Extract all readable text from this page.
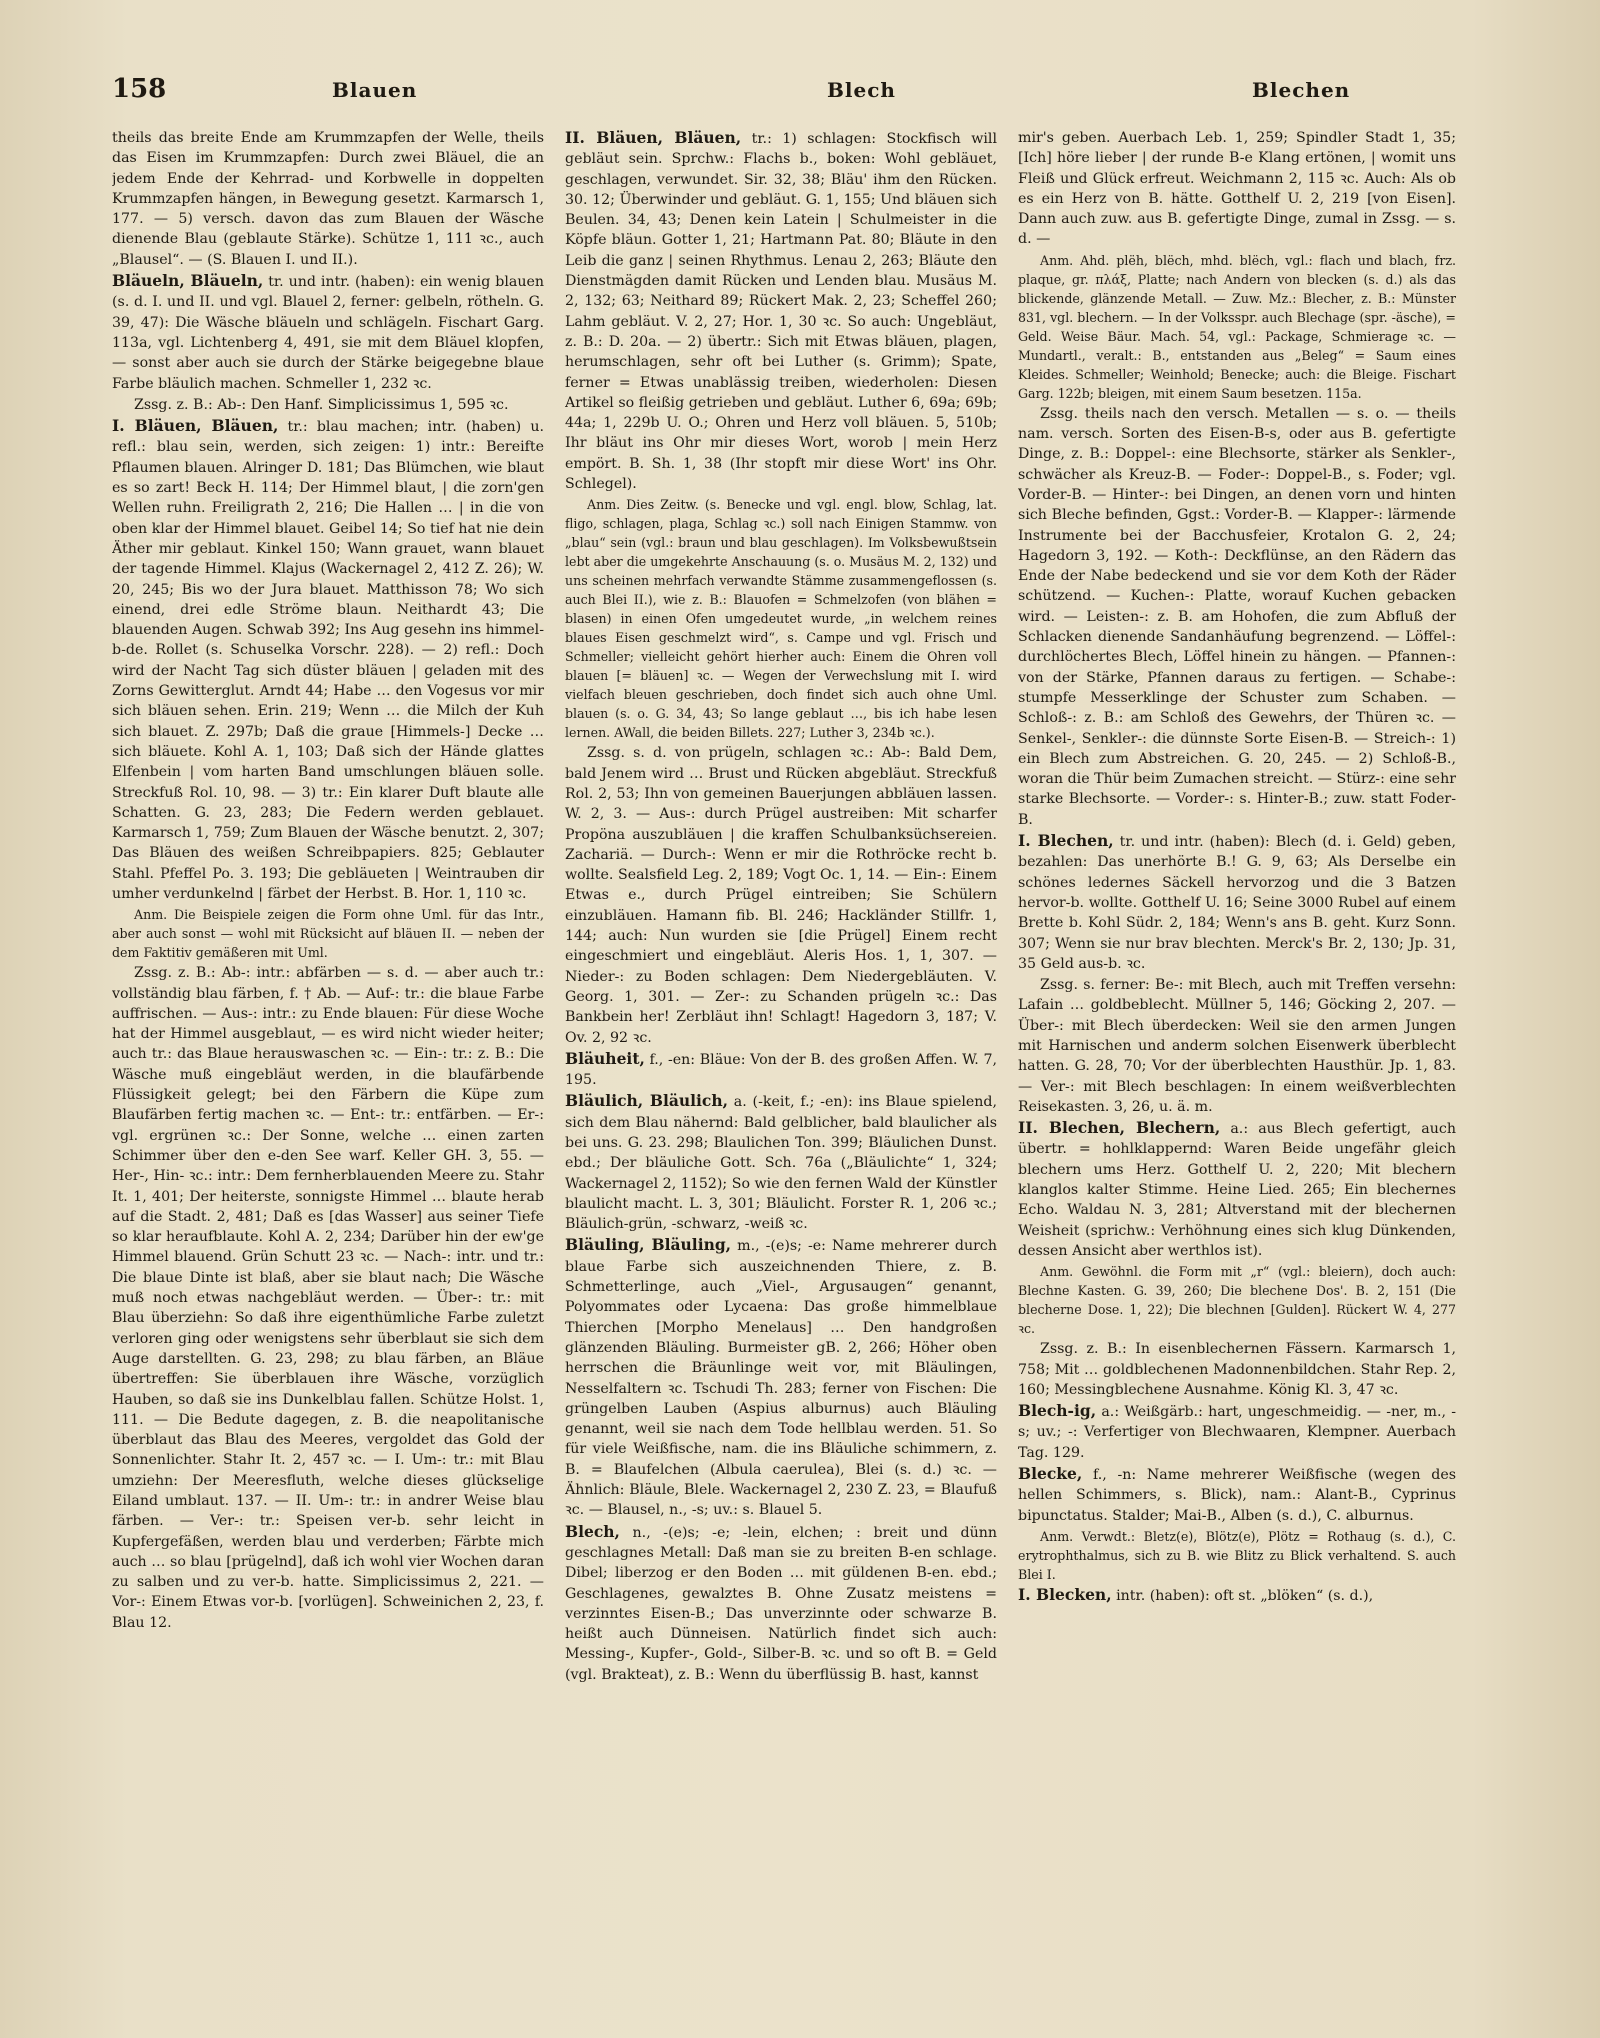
158	Blauen	Blech	Blechen

theils das breite Ende am Krummzapfen der Welle, theils das Eisen im Krummzapfen: Durch zwei Bläuel, die an jedem Ende der Kehrrad- und Korbwelle in doppelten Krummzapfen hängen, in Bewegung gesetzt. Karmarsch 1, 177. — 5) versch. davon das zum Blauen der Wäsche dienende Blau (geblaute Stärke). Schütze 1, 111 ꝛc., auch „Blausel“. — (S. Blauen I. und II.).

Bläueln, Bläueln, tr. und intr. (haben): ein wenig blauen (s. d. I. und II. und vgl. Blauel 2, ferner: gelbeln, rötheln. G. 39, 47): Die Wäsche bläueln und schlägeln. Fischart Garg. 113a, vgl. Lichtenberg 4, 491, sie mit dem Bläuel klopfen, — sonst aber auch sie durch der Stärke beigegebne blaue Farbe bläulich machen. Schmeller 1, 232 ꝛc.

Zssg. z. B.: Ab-: Den Hanf. Simplicissimus 1, 595 ꝛc.

I. Bläuen, Bläuen, tr.: blau machen; intr. (haben) u. refl.: blau sein, werden, sich zeigen: 1) intr.: Bereifte Pflaumen blauen. Alringer D. 181; Das Blümchen, wie blaut es so zart! Beck H. 114; Der Himmel blaut, | die zorn'gen Wellen ruhn. Freiligrath 2, 216; Die Hallen … | in die von oben klar der Himmel blauet. Geibel 14; So tief hat nie dein Äther mir geblaut. Kinkel 150; Wann grauet, wann blauet der tagende Himmel. Klajus (Wackernagel 2, 412 Z. 26); W. 20, 245; Bis wo der Jura blauet. Matthisson 78; Wo sich einend, drei edle Ströme blaun. Neithardt 43; Die blauenden Augen. Schwab 392; Ins Aug gesehn ins himmel-b-de. Rollet (s. Schuselka Vorschr. 228). — 2) refl.: Doch wird der Nacht Tag sich düster bläuen | geladen mit des Zorns Gewitterglut. Arndt 44; Habe … den Vogesus vor mir sich bläuen sehen. Erin. 219; Wenn … die Milch der Kuh sich blauet. Z. 297b; Daß die graue [Himmels-] Decke … sich bläuete. Kohl A. 1, 103; Daß sich der Hände glattes Elfenbein | vom harten Band umschlungen bläuen solle. Streckfuß Rol. 10, 98. — 3) tr.: Ein klarer Duft blaute alle Schatten. G. 23, 283; Die Federn werden geblauet. Karmarsch 1, 759; Zum Blauen der Wäsche benutzt. 2, 307; Das Bläuen des weißen Schreibpapiers. 825; Geblauter Stahl. Pfeffel Po. 3. 193; Die gebläueten | Weintrauben dir umher verdunkelnd | färbet der Herbst. B. Hor. 1, 110 ꝛc.

Anm. Die Beispiele zeigen die Form ohne Uml. für das Intr., aber auch sonst — wohl mit Rücksicht auf bläuen II. — neben der dem Faktitiv gemäßeren mit Uml.

Zssg. z. B.: Ab-: intr.: abfärben — s. d. — aber auch tr.: vollständig blau färben, f. † Ab. — Auf-: tr.: die blaue Farbe auffrischen. — Aus-: intr.: zu Ende blauen: Für diese Woche hat der Himmel ausgeblaut, — es wird nicht wieder heiter; auch tr.: das Blaue herauswaschen ꝛc. — Ein-: tr.: z. B.: Die Wäsche muß eingebläut werden, in die blaufärbende Flüssigkeit gelegt; bei den Färbern die Küpe zum Blaufärben fertig machen ꝛc. — Ent-: tr.: entfärben. — Er-: vgl. ergrünen ꝛc.: Der Sonne, welche … einen zarten Schimmer über den e-den See warf. Keller GH. 3, 55. — Her-, Hin- ꝛc.: intr.: Dem fernherblauenden Meere zu. Stahr It. 1, 401; Der heiterste, sonnigste Himmel … blaute herab auf die Stadt. 2, 481; Daß es [das Wasser] aus seiner Tiefe so klar heraufblaute. Kohl A. 2, 234; Darüber hin der ew'ge Himmel blauend. Grün Schutt 23 ꝛc. — Nach-: intr. und tr.: Die blaue Dinte ist blaß, aber sie blaut nach; Die Wäsche muß noch etwas nachgebläut werden. — Über-: tr.: mit Blau überziehn: So daß ihre eigenthümliche Farbe zuletzt verloren ging oder wenigstens sehr überblaut sie sich dem Auge darstellten. G. 23, 298; zu blau färben, an Bläue übertreffen: Sie überblauen ihre Wäsche, vorzüglich Hauben, so daß sie ins Dunkelblau fallen. Schütze Holst. 1, 111. — Die Bedute dagegen, z. B. die neapolitanische überblaut das Blau des Meeres, vergoldet das Gold der Sonnenlichter. Stahr It. 2, 457 ꝛc. — I. Um-: tr.: mit Blau umziehn: Der Meeresfluth, welche dieses glückselige Eiland umblaut. 137. — II. Um-: tr.: in andrer Weise blau färben. — Ver-: tr.: Speisen ver-b. sehr leicht in Kupfergefäßen, werden blau und verderben; Färbte mich auch … so blau [prügelnd], daß ich wohl vier Wochen daran zu salben und zu ver-b. hatte. Simplicissimus 2, 221. — Vor-: Einem Etwas vor-b. [vorlügen]. Schweinichen 2, 23, f. Blau 12.

II. Bläuen, Bläuen, tr.: 1) schlagen: Stockfisch will gebläut sein. Sprchw.: Flachs b., boken: Wohl gebläuet, geschlagen, verwundet. Sir. 32, 38; Bläu' ihm den Rücken. 30. 12; Überwinder und gebläut. G. 1, 155; Und bläuen sich Beulen. 34, 43; Denen kein Latein | Schulmeister in die Köpfe bläun. Gotter 1, 21; Hartmann Pat. 80; Bläute in den Leib die ganz | seinen Rhythmus. Lenau 2, 263; Bläute den Dienstmägden damit Rücken und Lenden blau. Musäus M. 2, 132; 63; Neithard 89; Rückert Mak. 2, 23; Scheffel 260; Lahm gebläut. V. 2, 27; Hor. 1, 30 ꝛc. So auch: Ungebläut, z. B.: D. 20a. — 2) übertr.: Sich mit Etwas bläuen, plagen, herumschlagen, sehr oft bei Luther (s. Grimm); Spate, ferner = Etwas unablässig treiben, wiederholen: Diesen Artikel so fleißig getrieben und gebläut. Luther 6, 69a; 69b; 44a; 1, 229b U. O.; Ohren und Herz voll bläuen. 5, 510b; Ihr bläut ins Ohr mir dieses Wort, worob | mein Herz empört. B. Sh. 1, 38 (Ihr stopft mir diese Wort' ins Ohr. Schlegel).

Anm. Dies Zeitw. (s. Benecke und vgl. engl. blow, Schlag, lat. fligo, schlagen, plaga, Schlag ꝛc.) soll nach Einigen Stammw. von „blau“ sein (vgl.: braun und blau geschlagen). Im Volksbewußtsein lebt aber die umgekehrte Anschauung (s. o. Musäus M. 2, 132) und uns scheinen mehrfach verwandte Stämme zusammengeflossen (s. auch Blei II.), wie z. B.: Blauofen = Schmelzofen (von blähen = blasen) in einen Ofen umgedeutet wurde, „in welchem reines blaues Eisen geschmelzt wird“, s. Campe und vgl. Frisch und Schmeller; vielleicht gehört hierher auch: Einem die Ohren voll blauen [= bläuen] ꝛc. — Wegen der Verwechslung mit I. wird vielfach bleuen geschrieben, doch findet sich auch ohne Uml. blauen (s. o. G. 34, 43; So lange geblaut …, bis ich habe lesen lernen. AWall, die beiden Billets. 227; Luther 3, 234b ꝛc.).

Zssg. s. d. von prügeln, schlagen ꝛc.: Ab-: Bald Dem, bald Jenem wird … Brust und Rücken abgebläut. Streckfuß Rol. 2, 53; Ihn von gemeinen Bauerjungen abbläuen lassen. W. 2, 3. — Aus-: durch Prügel austreiben: Mit scharfer Propöna auszubläuen | die kraffen Schulbanksüchsereien. Zachariä. — Durch-: Wenn er mir die Rothröcke recht b. wollte. Sealsfield Leg. 2, 189; Vogt Oc. 1, 14. — Ein-: Einem Etwas e., durch Prügel eintreiben; Sie Schülern einzubläuen. Hamann fib. Bl. 246; Hackländer Stillfr. 1, 144; auch: Nun wurden sie [die Prügel] Einem recht eingeschmiert und eingebläut. Aleris Hos. 1, 1, 307. — Nieder-: zu Boden schlagen: Dem Niedergebläuten. V. Georg. 1, 301. — Zer-: zu Schanden prügeln ꝛc.: Das Bankbein her! Zerbläut ihn! Schlagt! Hagedorn 3, 187; V. Ov. 2, 92 ꝛc.

Bläuheit, f., -en: Bläue: Von der B. des großen Affen. W. 7, 195.

Bläulich, Bläulich, a. (-keit, f.; -en): ins Blaue spielend, sich dem Blau nähernd: Bald gelblicher, bald blaulicher als bei uns. G. 23. 298; Blaulichen Ton. 399; Bläulichen Dunst. ebd.; Der bläuliche Gott. Sch. 76a („Bläulichte“ 1, 324; Wackernagel 2, 1152); So wie den fernen Wald der Künstler blaulicht macht. L. 3, 301; Bläulicht. Forster R. 1, 206 ꝛc.; Bläulich-grün, -schwarz, -weiß ꝛc.

Bläuling, Bläuling, m., -(e)s; -e: Name mehrerer durch blaue Farbe sich auszeichnenden Thiere, z. B. Schmetterlinge, auch „Viel-, Argusaugen“ genannt, Polyommates oder Lycaena: Das große himmelblaue Thierchen [Morpho Menelaus] … Den handgroßen glänzenden Bläuling. Burmeister gB. 2, 266; Höher oben herrschen die Bräunlinge weit vor, mit Bläulingen, Nesselfaltern ꝛc. Tschudi Th. 283; ferner von Fischen: Die grüngelben Lauben (Aspius alburnus) auch Bläuling genannt, weil sie nach dem Tode hellblau werden. 51. So für viele Weißfische, nam. die ins Bläuliche schimmern, z. B. = Blaufelchen (Albula caerulea), Blei (s. d.) ꝛc. — Ähnlich: Bläule, Blele. Wackernagel 2, 230 Z. 23, = Blaufuß ꝛc. — Blausel, n., -s; uv.: s. Blauel 5.

Blech, n., -(e)s; -e; -lein, elchen; : breit und dünn geschlagnes Metall: Daß man sie zu breiten B-en schlage. Dibel; liberzog er den Boden … mit güldenen B-en. ebd.; Geschlagenes, gewalztes B. Ohne Zusatz meistens = verzinntes Eisen-B.; Das unverzinnte oder schwarze B. heißt auch Dünneisen. Natürlich findet sich auch: Messing-, Kupfer-, Gold-, Silber-B. ꝛc. und so oft B. = Geld (vgl. Brakteat), z. B.: Wenn du überflüssig B. hast, kannst

mir's geben. Auerbach Leb. 1, 259; Spindler Stadt 1, 35; [Ich] höre lieber | der runde B-e Klang ertönen, | womit uns Fleiß und Glück erfreut. Weichmann 2, 115 ꝛc. Auch: Als ob es ein Herz von B. hätte. Gotthelf U. 2, 219 [von Eisen]. Dann auch zuw. aus B. gefertigte Dinge, zumal in Zssg. — s. d. —

Anm. Ahd. plëh, blëch, mhd. blëch, vgl.: flach und blach, frz. plaque, gr. πλάξ, Platte; nach Andern von blecken (s. d.) als das blickende, glänzende Metall. — Zuw. Mz.: Blecher, z. B.: Münster 831, vgl. blechern. — In der Volksspr. auch Blechage (spr. -äsche), = Geld. Weise Bäur. Mach. 54, vgl.: Package, Schmierage ꝛc. — Mundartl., veralt.: B., entstanden aus „Beleg“ = Saum eines Kleides. Schmeller; Weinhold; Benecke; auch: die Bleige. Fischart Garg. 122b; bleigen, mit einem Saum besetzen. 115a.

Zssg. theils nach den versch. Metallen — s. o. — theils nam. versch. Sorten des Eisen-B-s, oder aus B. gefertigte Dinge, z. B.: Doppel-: eine Blechsorte, stärker als Senkler-, schwächer als Kreuz-B. — Foder-: Doppel-B., s. Foder; vgl. Vorder-B. — Hinter-: bei Dingen, an denen vorn und hinten sich Bleche befinden, Ggst.: Vorder-B. — Klapper-: lärmende Instrumente bei der Bacchusfeier, Krotalon G. 2, 24; Hagedorn 3, 192. — Koth-: Deckflünse, an den Rädern das Ende der Nabe bedeckend und sie vor dem Koth der Räder schützend. — Kuchen-: Platte, worauf Kuchen gebacken wird. — Leisten-: z. B. am Hohofen, die zum Abfluß der Schlacken dienende Sandanhäufung begrenzend. — Löffel-: durchlöchertes Blech, Löffel hinein zu hängen. — Pfannen-: von der Stärke, Pfannen daraus zu fertigen. — Schabe-: stumpfe Messerklinge der Schuster zum Schaben. — Schloß-: z. B.: am Schloß des Gewehrs, der Thüren ꝛc. — Senkel-, Senkler-: die dünnste Sorte Eisen-B. — Streich-: 1) ein Blech zum Abstreichen. G. 20, 245. — 2) Schloß-B., woran die Thür beim Zumachen streicht. — Stürz-: eine sehr starke Blechsorte. — Vorder-: s. Hinter-B.; zuw. statt Foder-B.

I. Blechen, tr. und intr. (haben): Blech (d. i. Geld) geben, bezahlen: Das unerhörte B.! G. 9, 63; Als Derselbe ein schönes ledernes Säckell hervorzog und die 3 Batzen hervor-b. wollte. Gotthelf U. 16; Seine 3000 Rubel auf einem Brette b. Kohl Südr. 2, 184; Wenn's ans B. geht. Kurz Sonn. 307; Wenn sie nur brav blechten. Merck's Br. 2, 130; Jp. 31, 35 Geld aus-b. ꝛc.

Zssg. s. ferner: Be-: mit Blech, auch mit Treffen versehn: Lafain … goldbeblecht. Müllner 5, 146; Göcking 2, 207. — Über-: mit Blech überdecken: Weil sie den armen Jungen mit Harnischen und anderm solchen Eisenwerk überblecht hatten. G. 28, 70; Vor der überblechten Hausthür. Jp. 1, 83. — Ver-: mit Blech beschlagen: In einem weißverblechten Reisekasten. 3, 26, u. ä. m.

II. Blechen, Blechern, a.: aus Blech gefertigt, auch übertr. = hohlklappernd: Waren Beide ungefähr gleich blechern ums Herz. Gotthelf U. 2, 220; Mit blechern klanglos kalter Stimme. Heine Lied. 265; Ein blechernes Echo. Waldau N. 3, 281; Altverstand mit der blechernen Weisheit (sprichw.: Verhöhnung eines sich klug Dünkenden, dessen Ansicht aber werthlos ist).

Anm. Gewöhnl. die Form mit „r“ (vgl.: bleiern), doch auch: Blechne Kasten. G. 39, 260; Die blechene Dos'. B. 2, 151 (Die blecherne Dose. 1, 22); Die blechnen [Gulden]. Rückert W. 4, 277 ꝛc.

Zssg. z. B.: In eisenblechernen Fässern. Karmarsch 1, 758; Mit … goldblechenen Madonnenbildchen. Stahr Rep. 2, 160; Messingblechene Ausnahme. König Kl. 3, 47 ꝛc.

Blech-ig, a.: Weißgärb.: hart, ungeschmeidig. — -ner, m., -s; uv.; -: Verfertiger von Blechwaaren, Klempner. Auerbach Tag. 129.

Blecke, f., -n: Name mehrerer Weißfische (wegen des hellen Schimmers, s. Blick), nam.: Alant-B., Cyprinus bipunctatus. Stalder; Mai-B., Alben (s. d.), C. alburnus.

Anm. Verwdt.: Bletz(e), Blötz(e), Plötz = Rothaug (s. d.), C. erytrophthalmus, sich zu B. wie Blitz zu Blick verhaltend. S. auch Blei I.

I. Blecken, intr. (haben): oft st. „blöken“ (s. d.),
